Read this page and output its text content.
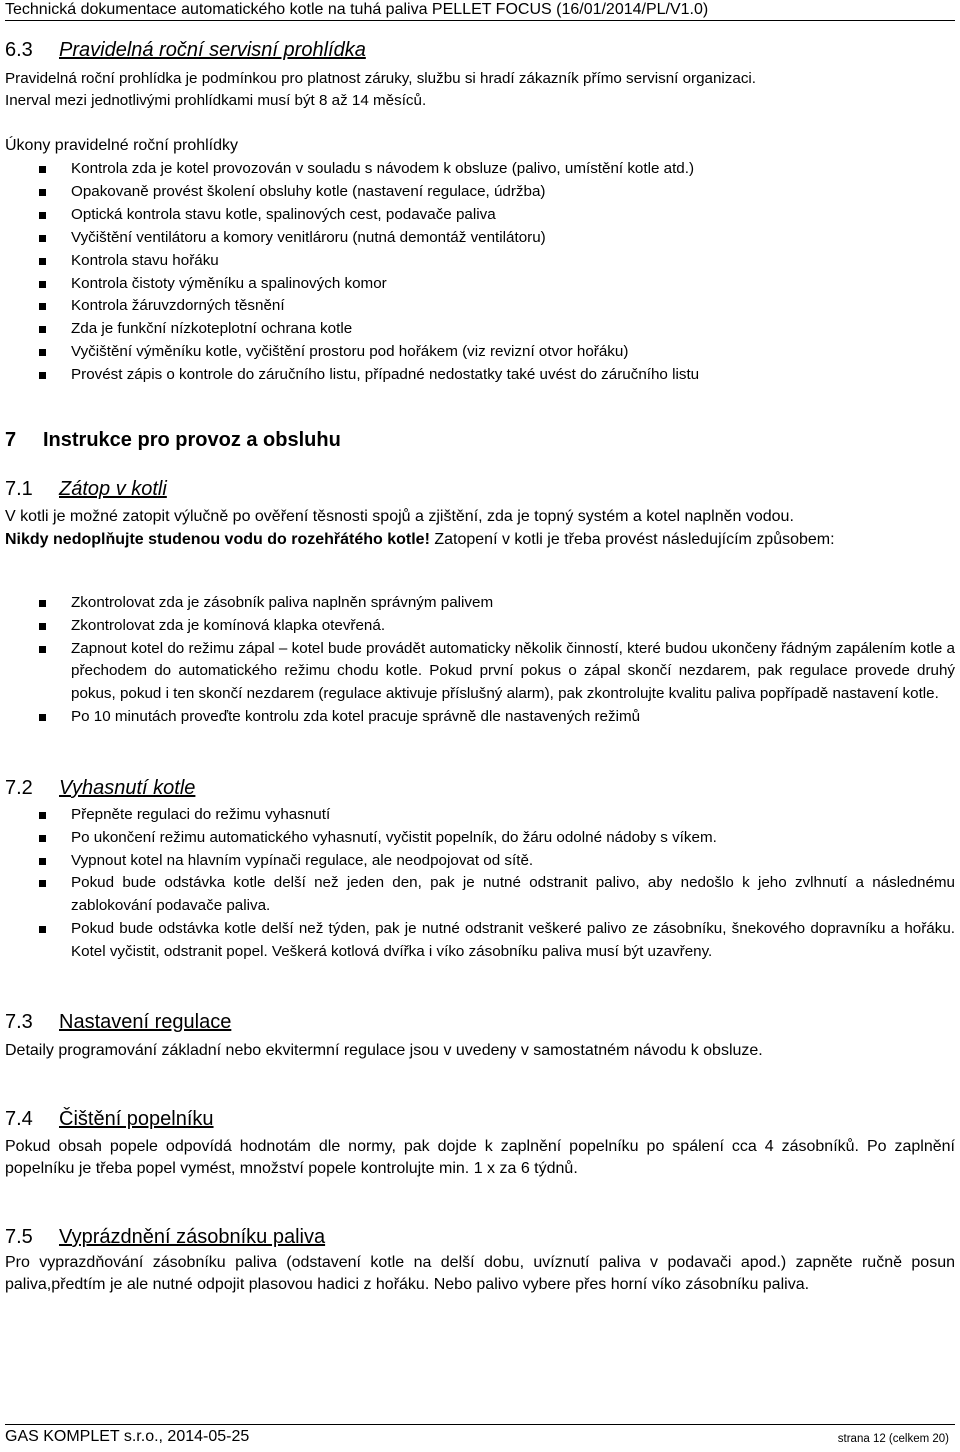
Technická dokumentace automatického kotle na tuhá paliva PELLET FOCUS (16/01/2014/PL/V1.0)
6.3 Pravidelná roční servisní prohlídka
Pravidelná roční prohlídka je podmínkou pro platnost záruky, službu si hradí zákazník přímo servisní organizaci.
Inerval mezi jednotlivými prohlídkami musí být 8 až 14 měsíců.
Úkony pravidelné roční prohlídky
Kontrola zda je kotel provozován v souladu s návodem k obsluze (palivo, umístění kotle atd.)
Opakovaně provést školení obsluhy kotle (nastavení regulace, údržba)
Optická kontrola stavu kotle, spalinových cest, podavače paliva
Vyčištění ventilátoru a komory venitlároru (nutná demontáž ventilátoru)
Kontrola stavu hořáku
Kontrola čistoty výměníku a spalinových komor
Kontrola žáruvzdorných těsnění
Zda je funkční nízkoteplotní ochrana kotle
Vyčištění výměníku kotle, vyčištění prostoru pod hořákem (viz revizní otvor hořáku)
Provést zápis o kontrole do záručního listu, případné nedostatky také uvést do záručního listu
7 Instrukce pro provoz a obsluhu
7.1 Zátop v kotli
V kotli je možné zatopit výlučně po ověření těsnosti spojů a zjištění, zda je topný systém a kotel naplněn vodou.
Nikdy nedoplňujte studenou vodu do rozehřátého kotle! Zatopení v kotli je třeba provést následujícím způsobem:
Zkontrolovat zda je zásobník paliva naplněn správným palivem
Zkontrolovat zda je komínová klapka otevřená.
Zapnout kotel do režimu zápal – kotel bude provádět automaticky několik činností, které budou ukončeny řádným zapálením kotle a přechodem do automatického režimu chodu kotle. Pokud první pokus o zápal skončí nezdarem, pak regulace provede druhý pokus, pokud i ten skončí nezdarem (regulace aktivuje příslušný alarm), pak zkontrolujte kvalitu paliva popřípadě nastavení kotle.
Po 10 minutách proveďte kontrolu zda kotel pracuje správně dle nastavených režimů
7.2 Vyhasnutí kotle
Přepněte regulaci do režimu vyhasnutí
Po ukončení režimu automatického vyhasnutí, vyčistit popelník, do žáru odolné nádoby s víkem.
Vypnout kotel na hlavním vypínači regulace, ale neodpojovat od sítě.
Pokud bude odstávka kotle delší než jeden den, pak je nutné odstranit palivo, aby nedošlo k jeho zvlhnutí a následnému zablokování podavače paliva.
Pokud bude odstávka kotle delší než týden, pak je nutné odstranit veškeré palivo ze zásobníku, šnekového dopravníku a hořáku. Kotel vyčistit, odstranit popel. Veškerá kotlová dvířka i víko zásobníku paliva musí být uzavřeny.
7.3 Nastavení regulace
Detaily programování základní nebo ekvitermní regulace jsou v uvedeny v samostatném návodu k obsluze.
7.4 Čištění popelníku
Pokud obsah popele odpovídá hodnotám dle normy, pak dojde k zaplnění popelníku po spálení cca 4 zásobníků. Po zaplnění popelníku je třeba popel vymést, množství popele kontrolujte min. 1 x za 6 týdnů.
7.5 Vyprázdnění zásobníku paliva
Pro vyprazdňování zásobníku paliva (odstavení kotle na delší dobu, uvíznutí paliva v podavači apod.) zapněte ručně posun paliva,předtím je ale nutné odpojit plasovou hadici z hořáku. Nebo palivo vybere přes horní víko zásobníku paliva.
GAS KOMPLET s.r.o., 2014-05-25	strana 12 (celkem 20)
